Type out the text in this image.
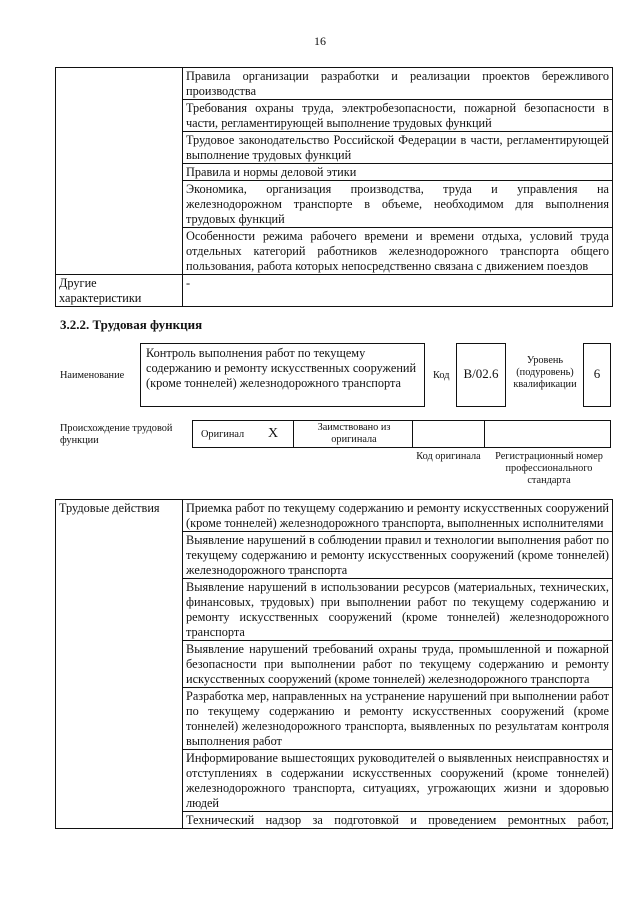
16
	Правила организации разработки и реализации проектов бережливого производства
	Требования охраны труда, электробезопасности, пожарной безопасности в части, регламентирующей выполнение трудовых функций
	Трудовое законодательство Российской Федерации в части, регламентирующей выполнение трудовых функций
	Правила и нормы деловой этики
	Экономика, организация производства, труда и управления на железнодорожном транспорте в объеме, необходимом для выполнения трудовых функций
	Особенности режима рабочего времени и времени отдыха, условий труда отдельных категорий работников железнодорожного транспорта общего пользования, работа которых непосредственно связана с движением поездов
Другие характеристики	-
3.2.2. Трудовая функция
Наименование
Контроль выполнения работ по текущему содержанию и ремонту искусственных сооружений (кроме тоннелей) железнодорожного транспорта
Код	B/02.6
Уровень (подуровень) квалификации
6
Происхождение трудовой функции
Оригинал X	Заимствовано из оригинала
Код оригинала	Регистрационный номер профессионального стандарта
Трудовые действия	Приемка работ по текущему содержанию и ремонту искусственных сооружений (кроме тоннелей) железнодорожного транспорта, выполненных исполнителями
Выявление нарушений в соблюдении правил и технологии выполнения работ по текущему содержанию и ремонту искусственных сооружений (кроме тоннелей) железнодорожного транспорта
Выявление нарушений в использовании ресурсов (материальных, технических, финансовых, трудовых) при выполнении работ по текущему содержанию и ремонту искусственных сооружений (кроме тоннелей) железнодорожного транспорта
Выявление нарушений требований охраны труда, промышленной и пожарной безопасности при выполнении работ по текущему содержанию и ремонту искусственных сооружений (кроме тоннелей) железнодорожного транспорта
Разработка мер, направленных на устранение нарушений при выполнении работ по текущему содержанию и ремонту искусственных сооружений (кроме тоннелей) железнодорожного транспорта, выявленных по результатам контроля выполнения работ
Информирование вышестоящих руководителей о выявленных неисправностях и отступлениях в содержании искусственных сооружений (кроме тоннелей) железнодорожного транспорта, ситуациях, угрожающих жизни и здоровью людей
Технический надзор за подготовкой и проведением ремонтных работ,
